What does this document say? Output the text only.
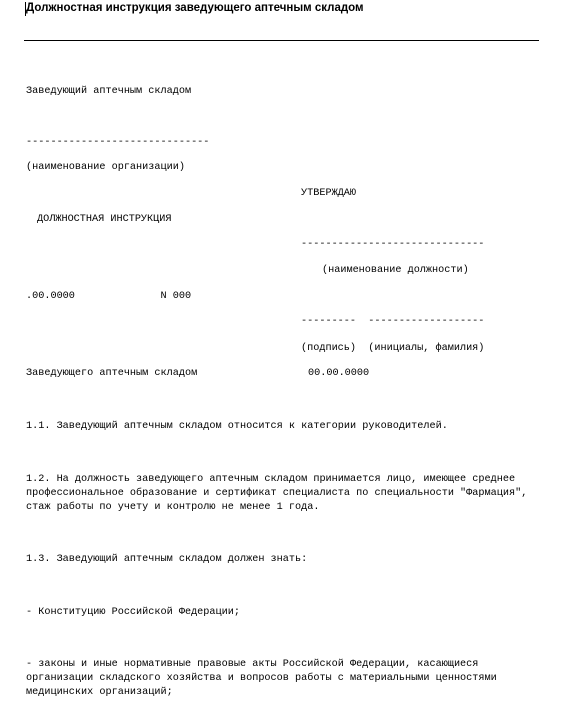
Должностная инструкция заведующего аптечным складом
Заведующий аптечным складом
------------------------------
(наименование организации)
УТВЕРЖДАЮ
ДОЛЖНОСТНАЯ ИНСТРУКЦИЯ
------------------------------
(наименование должности)
.00.0000              N 000
---------  -------------------
(подпись)  (инициалы, фамилия)
Заведующего аптечным складом	00.00.0000
1.1. Заведующий аптечным складом относится к категории руководителей.
1.2. На должность заведующего аптечным складом принимается лицо, имеющее среднее
профессиональное образование и сертификат специалиста по специальности "Фармация",
стаж работы по учету и контролю не менее 1 года.
1.3. Заведующий аптечным складом должен знать:
- Конституцию Российской Федерации;
- законы и иные нормативные правовые акты Российской Федерации, касающиеся
организации складского хозяйства и вопросов работы с материальными ценностями
медицинских организаций;
